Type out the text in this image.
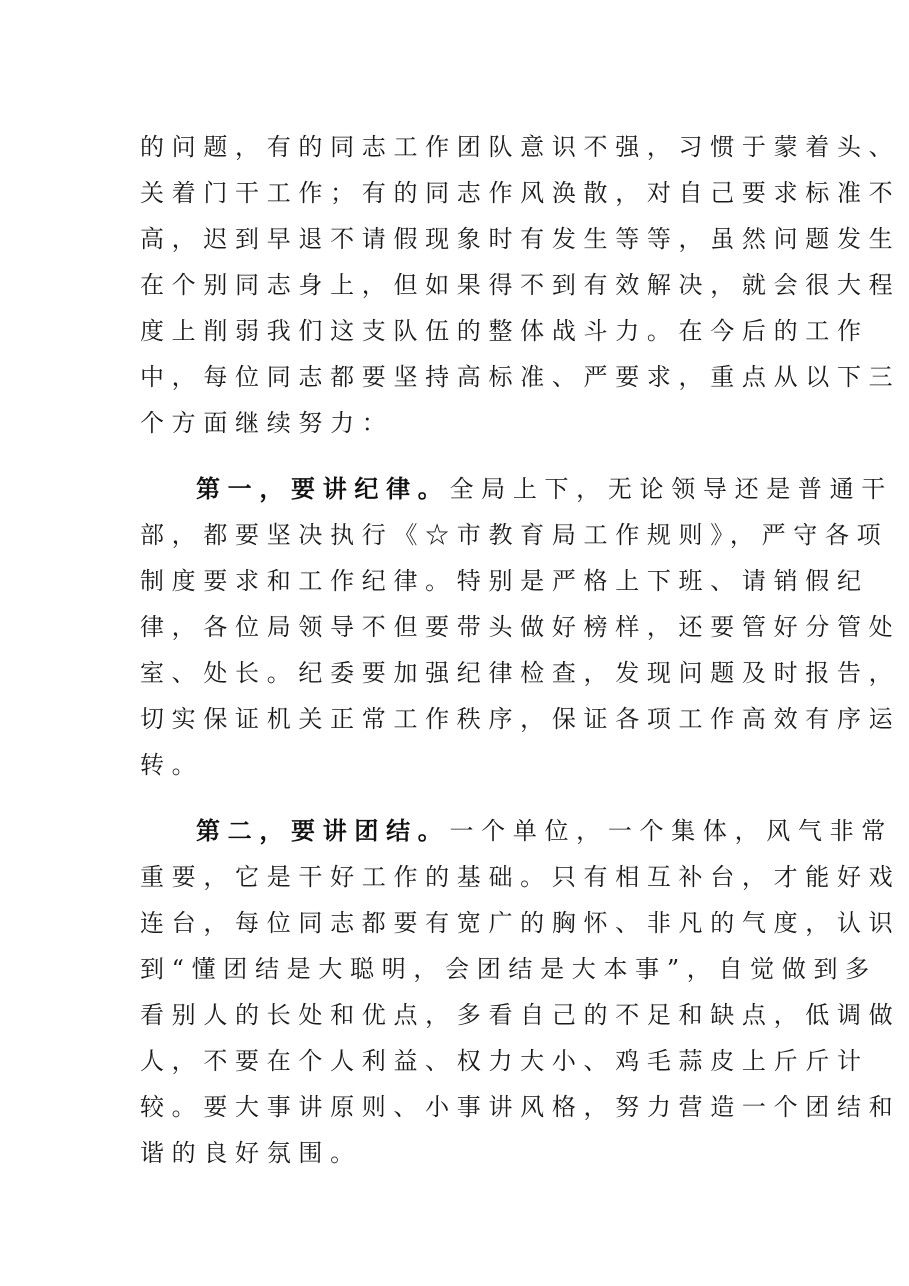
的问题，有的同志工作团队意识不强，习惯于蒙着头、
关着门干工作；有的同志作风涣散，对自己要求标准不
高，迟到早退不请假现象时有发生等等，虽然问题发生
在个别同志身上，但如果得不到有效解决，就会很大程
度上削弱我们这支队伍的整体战斗力。在今后的工作
中，每位同志都要坚持高标准、严要求，重点从以下三
个方面继续努力：
第一，要讲纪律。全局上下，无论领导还是普通干
部，都要坚决执行《☆市教育局工作规则》，严守各项
制度要求和工作纪律。特别是严格上下班、请销假纪
律，各位局领导不但要带头做好榜样，还要管好分管处
室、处长。纪委要加强纪律检查，发现问题及时报告，
切实保证机关正常工作秩序，保证各项工作高效有序运
转。
第二，要讲团结。一个单位，一个集体，风气非常
重要，它是干好工作的基础。只有相互补台，才能好戏
连台，每位同志都要有宽广的胸怀、非凡的气度，认识
到“懂团结是大聪明，会团结是大本事”，自觉做到多
看别人的长处和优点，多看自己的不足和缺点，低调做
人，不要在个人利益、权力大小、鸡毛蒜皮上斤斤计
较。要大事讲原则、小事讲风格，努力营造一个团结和
谐的良好氛围。
